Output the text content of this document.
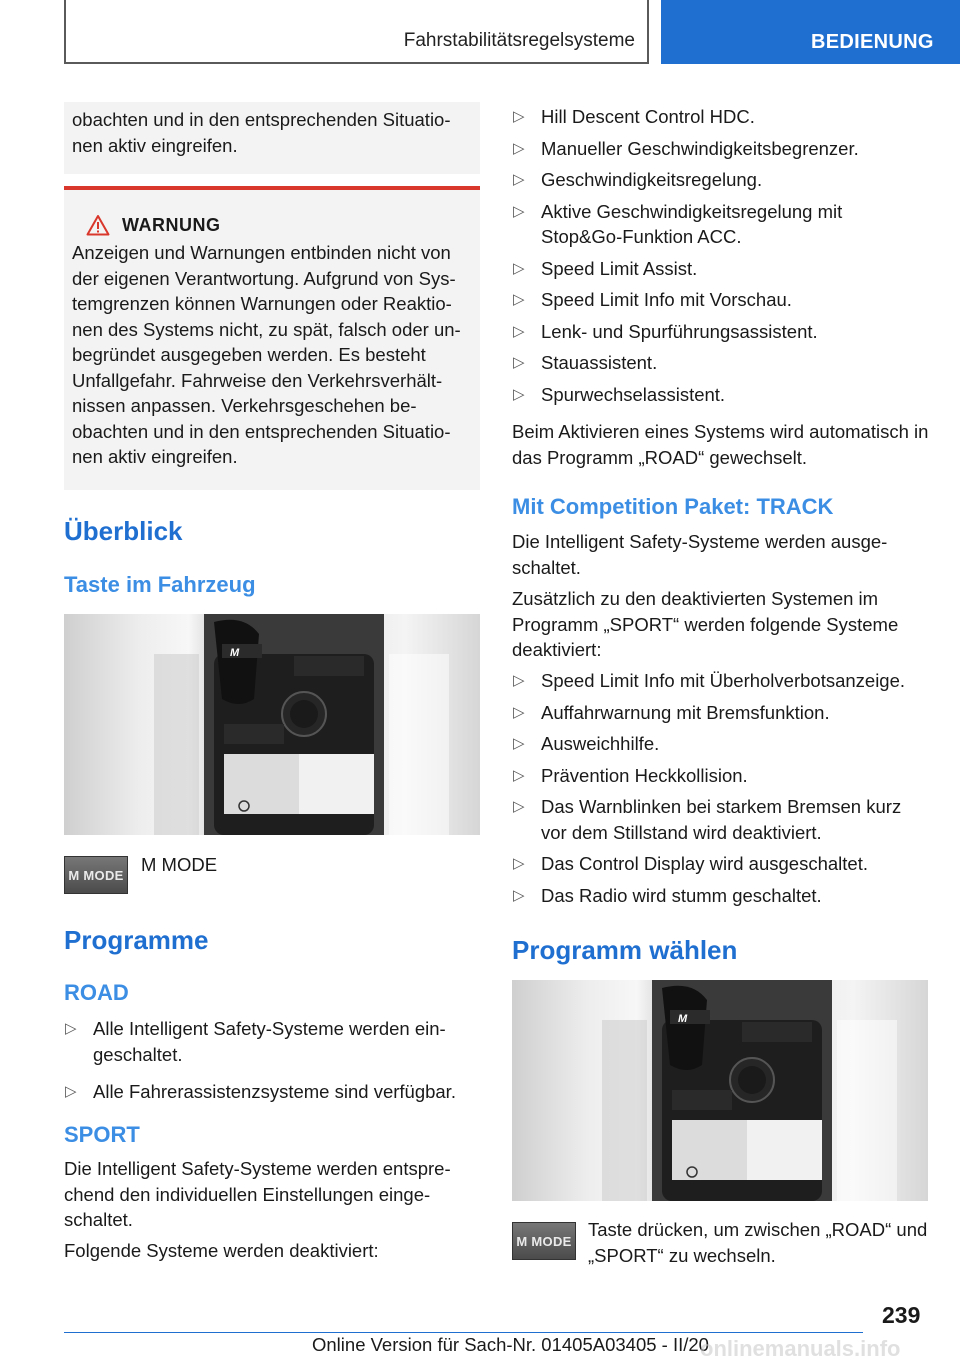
Fahrstabilitätsregelsysteme	BEDIENUNG

obachten und in den entsprechenden Situatio-nen aktiv eingreifen.

WARNUNG

Anzeigen und Warnungen entbinden nicht von der eigenen Verantwortung. Aufgrund von Sys-temgrenzen können Warnungen oder Reaktio-nen des Systems nicht, zu spät, falsch oder un-begründet ausgegeben werden. Es besteht Unfallgefahr. Fahrweise den Verkehrsverhält-nissen anpassen. Verkehrsgeschehen be-obachten und in den entsprechenden Situatio-nen aktiv eingreifen.

Überblick
Taste im Fahrzeug
M
M MODE M MODE

Programme
ROAD
▷ Alle Intelligent Safety-Systeme werden ein-geschaltet.
▷ Alle Fahrerassistenzsysteme sind verfügbar.
SPORT

Die Intelligent Safety-Systeme werden entspre-chend den individuellen Einstellungen einge-schaltet.

Folgende Systeme werden deaktiviert:

▷ Hill Descent Control HDC.
▷ Manueller Geschwindigkeitsbegrenzer.
▷ Geschwindigkeitsregelung.
▷ Aktive Geschwindigkeitsregelung mit Stop&Go-Funktion ACC.
▷ Speed Limit Assist.
▷ Speed Limit Info mit Vorschau.
▷ Lenk- und Spurführungsassistent.
▷ Stauassistent.
▷ Spurwechselassistent.

Beim Aktivieren eines Systems wird automatisch in das Programm „ROAD“ gewechselt.

Mit Competition Paket: TRACK

Die Intelligent Safety-Systeme werden ausge-schaltet.

Zusätzlich zu den deaktivierten Systemen im Programm „SPORT“ werden folgende Systeme deaktiviert:

▷ Speed Limit Info mit Überholverbotsanzeige.
▷ Auffahrwarnung mit Bremsfunktion.
▷ Ausweichhilfe.
▷ Prävention Heckkollision.
▷ Das Warnblinken bei starkem Bremsen kurz vor dem Stillstand wird deaktiviert.
▷ Das Control Display wird ausgeschaltet.
▷ Das Radio wird stumm geschaltet.
Programm wählen
M
M MODE

Taste drücken, um zwischen „ROAD“ und „SPORT“ zu wechseln.

239
Online Version für Sach-Nr. 01405A03405 - II/20
onlinemanuals.info
